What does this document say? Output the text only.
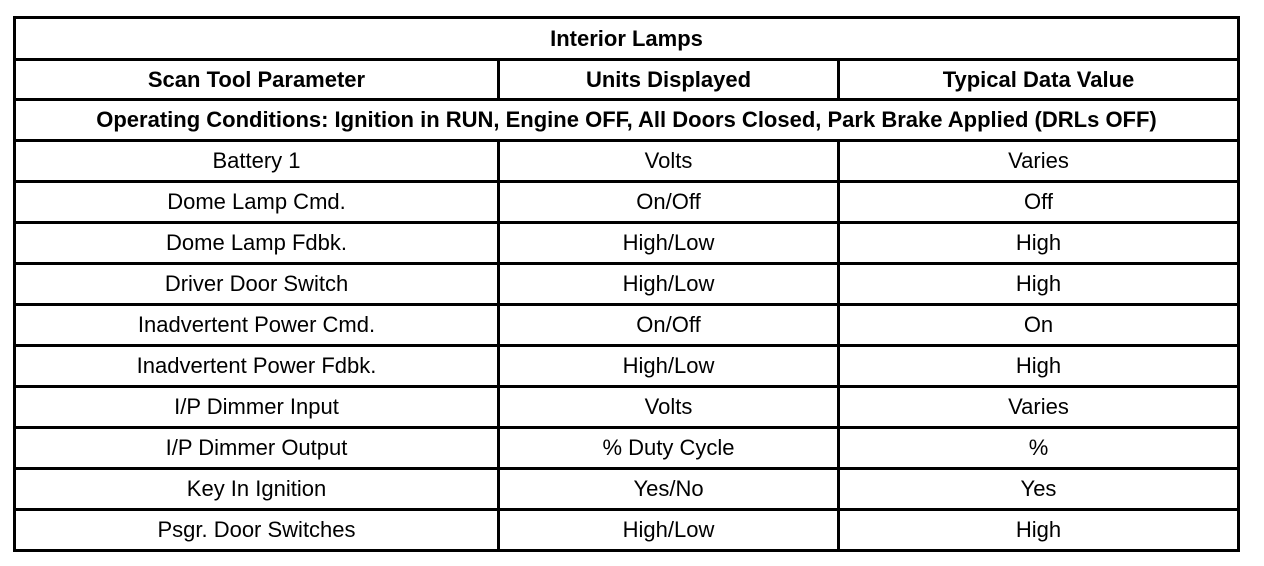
Interior Lamps		
Scan Tool Parameter	Units Displayed	Typical Data Value
Operating Conditions: Ignition in RUN, Engine OFF, All Doors Closed, Park Brake Applied (DRLs OFF)		
Battery 1	Volts	Varies
Dome Lamp Cmd.	On/Off	Off
Dome Lamp Fdbk.	High/Low	High
Driver Door Switch	High/Low	High
Inadvertent Power Cmd.	On/Off	On
Inadvertent Power Fdbk.	High/Low	High
I/P Dimmer Input	Volts	Varies
I/P Dimmer Output	% Duty Cycle	%
Key In Ignition	Yes/No	Yes
Psgr. Door Switches	High/Low	High
